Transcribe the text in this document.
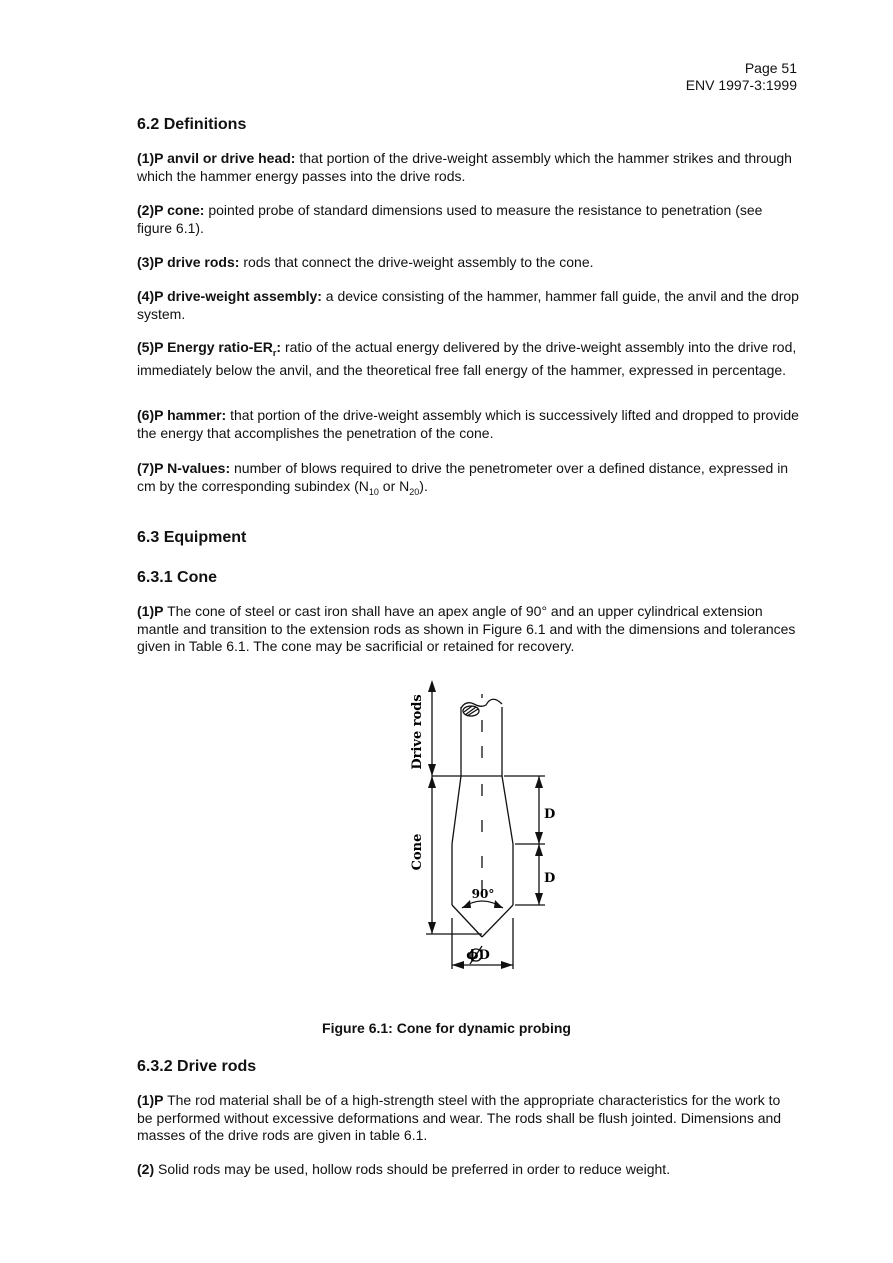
Page 51
ENV 1997-3:1999
6.2 Definitions
(1)P anvil or drive head: that portion of the drive-weight assembly which the hammer strikes and through which the hammer energy passes into the drive rods.
(2)P cone: pointed probe of standard dimensions used to measure the resistance to penetration (see figure 6.1).
(3)P drive rods: rods that connect the drive-weight assembly to the cone.
(4)P drive-weight assembly: a device consisting of the hammer, hammer fall guide, the anvil and the drop system.
(5)P Energy ratio-$ER_r$: ratio of the actual energy delivered by the drive-weight assembly into the drive rod, immediately below the anvil, and the theoretical free fall energy of the hammer, expressed in percentage.
(6)P hammer: that portion of the drive-weight assembly which is successively lifted and dropped to provide the energy that accomplishes the penetration of the cone.
(7)P N-values: number of blows required to drive the penetrometer over a defined distance, expressed in cm by the corresponding subindex ($N_{10}$ or $N_{20}$).
6.3 Equipment
6.3.1 Cone
(1)P The cone of steel or cast iron shall have an apex angle of 90° and an upper cylindrical extension mantle and transition to the extension rods as shown in Figure 6.1 and with the dimensions and tolerances given in Table 6.1. The cone may be sacrificial or retained for recovery.
Drive rods
Cone
D
D
90°
ϕD
Figure 6.1: Cone for dynamic probing
6.3.2 Drive rods
(1)P The rod material shall be of a high-strength steel with the appropriate characteristics for the work to be performed without excessive deformations and wear. The rods shall be flush jointed. Dimensions and masses of the drive rods are given in table 6.1.
(2) Solid rods may be used, hollow rods should be preferred in order to reduce weight.
